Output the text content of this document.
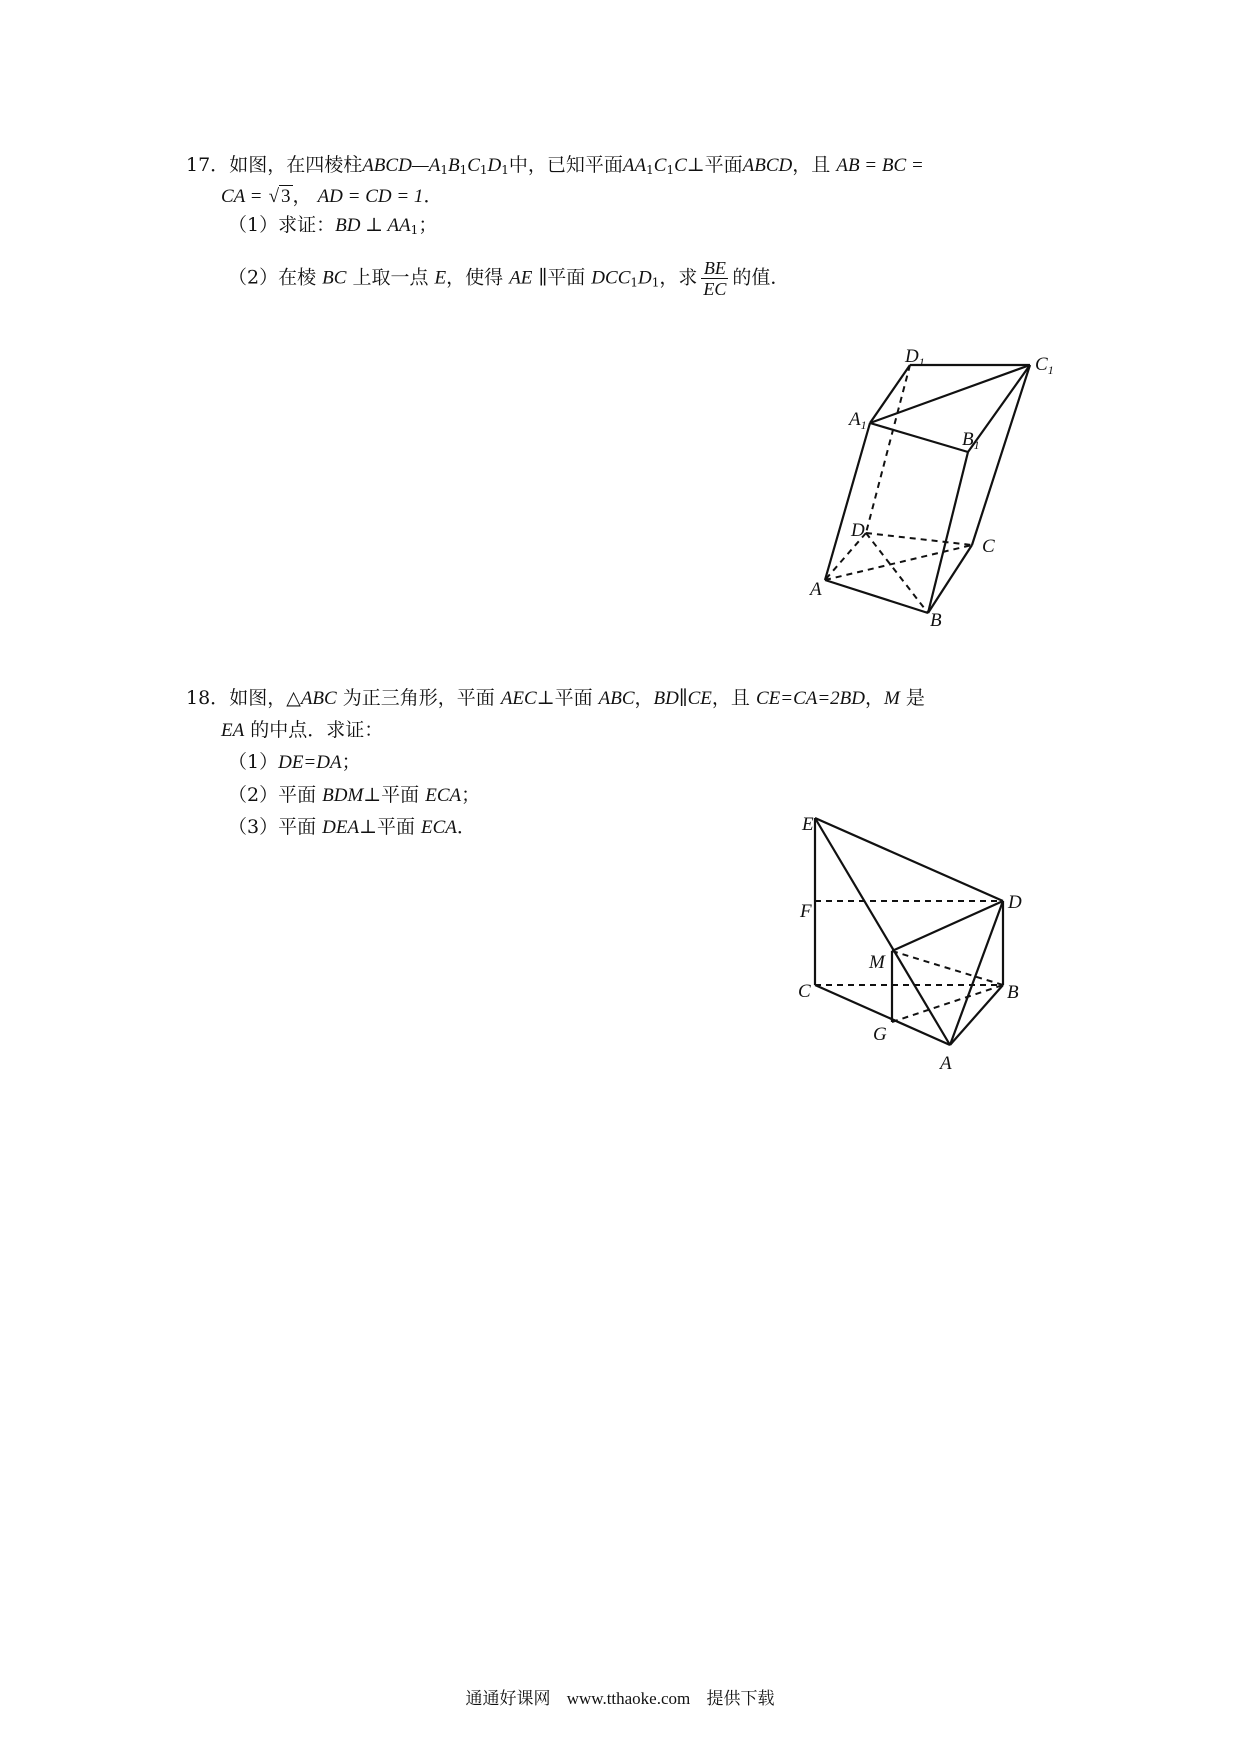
17．如图，在四棱柱$ABCD—A_1B_1C_1D_1$中，已知平面$AA_1C_1C\perp$平面ABCD，且 AB = BC =
CA = √ 3 ， AD = CD = 1．
（1）求证：BD ⊥ $AA_1$；
（2）在棱 BC 上取一点 E，使得 AE ∥平面 $DCC_1D_1$，求 $\frac{BE}{EC}$ 的值．
$D_1$	$C_1$
$A_1$
$B_1$
D
C
A
B
18．如图，△ABC 为正三角形，平面 AEC⊥平面 ABC，BD∥CE，且 CE=CA=2BD，M 是
EA 的中点．求证：
（1）DE=DA；
（2）平面 BDM⊥平面 ECA；
（3）平面 DEA⊥平面 ECA．	E
F	D
M
C	B
G
A
通通好课网 www.tthaoke.com 提供下载
